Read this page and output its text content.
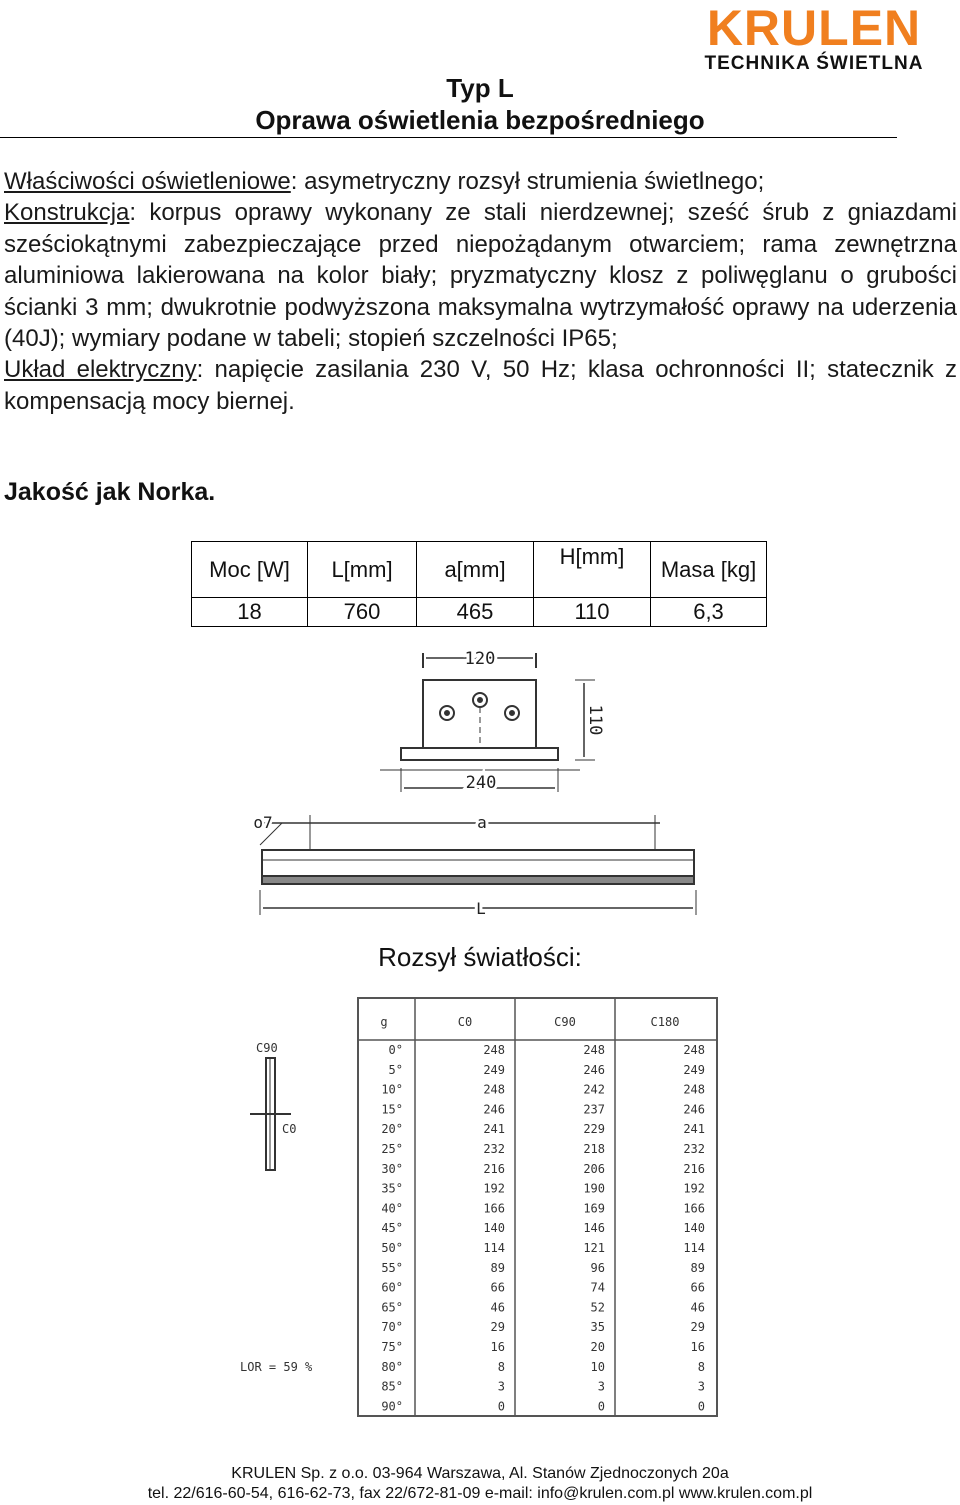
KRULEN
TECHNIKA ŚWIETLNA
Typ L
Oprawa oświetlenia bezpośredniego

Właściwości oświetleniowe: asymetryczny rozsył strumienia świetlnego;

Konstrukcja: korpus oprawy wykonany ze stali nierdzewnej; sześć śrub z gniazdami sześciokątnymi zabezpieczające przed niepożądanym otwarciem; rama zewnętrzna aluminiowa lakierowana na kolor biały; pryzmatyczny klosz z poliwęglanu o grubości ścianki 3 mm; dwukrotnie podwyższona maksymalna wytrzymałość oprawy na uderzenia (40J); wymiary podane w tabeli; stopień szczelności IP65;

Układ elektryczny: napięcie zasilania 230 V, 50 Hz; klasa ochronności II; statecznik z kompensacją mocy biernej.

Jakość jak Norka.
Moc [W]	L[mm]	a[mm]	H[mm]	Masa [kg]
18	760	465	110	6,3
120
110
240
o7	a
L
Rozsył światłości:
C90
C0
LOR = 59 %
g	C0	C90	C180
0°	248	248	248
5°	249	246	249
10°	248	242	248
15°	246	237	246
20°	241	229	241
25°	232	218	232
30°	216	206	216
35°	192	190	192
40°	166	169	166
45°	140	146	140
50°	114	121	114
55°	89	96	89
60°	66	74	66
65°	46	52	46
70°	29	35	29
75°	16	20	16
80°	8	10	8
85°	3	3	3
90°	0	0	0
KRULEN Sp. z o.o. 03-964 Warszawa, Al. Stanów Zjednoczonych 20a
tel. 22/616-60-54, 616-62-73, fax 22/672-81-09 e-mail: info@krulen.com.pl www.krulen.com.pl
